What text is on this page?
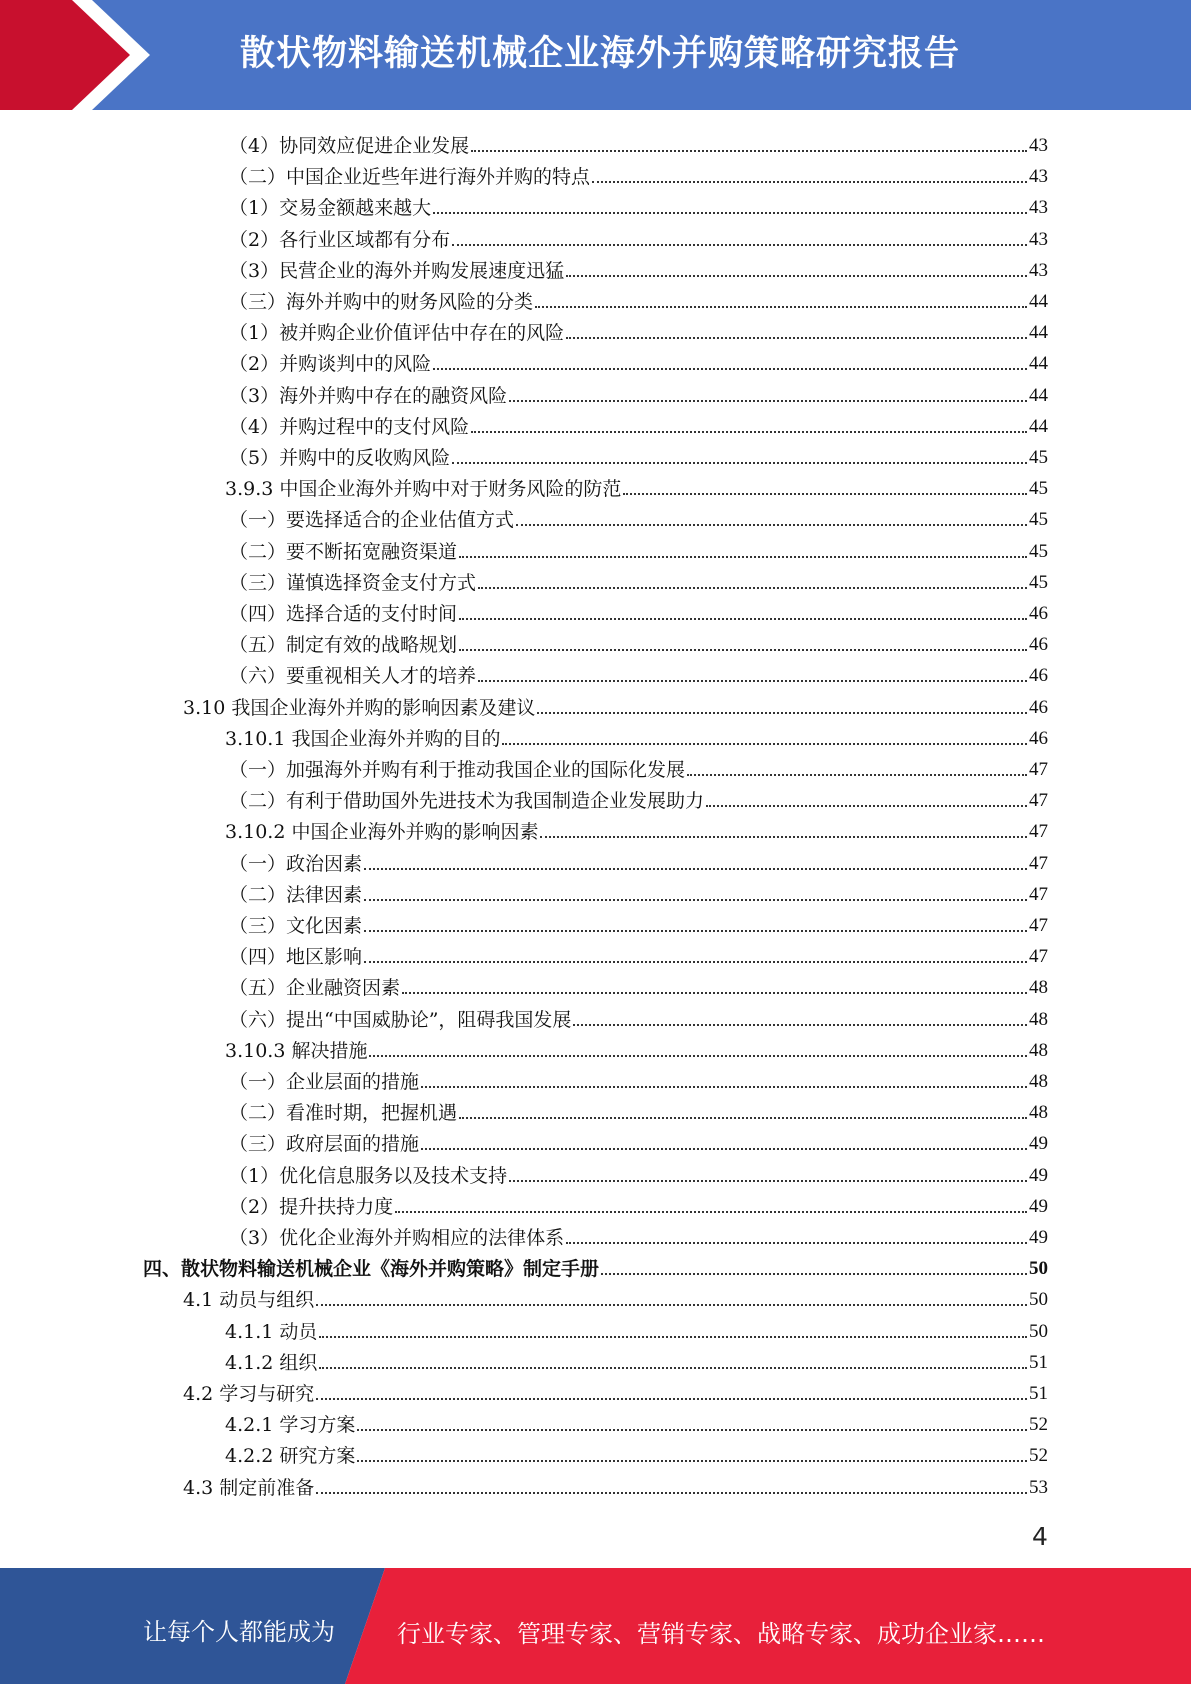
散状物料输送机械企业海外并购策略研究报告
（4）协同效应促进企业发展	43
（二）中国企业近些年进行海外并购的特点	43
（1）交易金额越来越大	43
（2）各行业区域都有分布	43
（3）民营企业的海外并购发展速度迅猛	43
（三）海外并购中的财务风险的分类	44
（1）被并购企业价值评估中存在的风险	44
（2）并购谈判中的风险	44
（3）海外并购中存在的融资风险	44
（4）并购过程中的支付风险	44
（5）并购中的反收购风险	45
3.9.3 中国企业海外并购中对于财务风险的防范	45
（一）要选择适合的企业估值方式	45
（二）要不断拓宽融资渠道	45
（三）谨慎选择资金支付方式	45
（四）选择合适的支付时间	46
（五）制定有效的战略规划	46
（六）要重视相关人才的培养	46
3.10 我国企业海外并购的影响因素及建议	46
3.10.1 我国企业海外并购的目的	46
（一）加强海外并购有利于推动我国企业的国际化发展	47
（二）有利于借助国外先进技术为我国制造企业发展助力	47
3.10.2 中国企业海外并购的影响因素	47
（一）政治因素	47
（二）法律因素	47
（三）文化因素	47
（四）地区影响	47
（五）企业融资因素	48
（六）提出“中国威胁论”，阻碍我国发展	48
3.10.3 解决措施	48
（一）企业层面的措施	48
（二）看准时期，把握机遇	48
（三）政府层面的措施	49
（1）优化信息服务以及技术支持	49
（2）提升扶持力度	49
（3）优化企业海外并购相应的法律体系	49
四、散状物料输送机械企业《海外并购策略》制定手册	50
4.1 动员与组织	50
4.1.1 动员	50
4.1.2 组织	51
4.2 学习与研究	51
4.2.1 学习方案	52
4.2.2 研究方案	52
4.3 制定前准备	53
4
让每个人都能成为	行业专家、管理专家、营销专家、战略专家、成功企业家……
